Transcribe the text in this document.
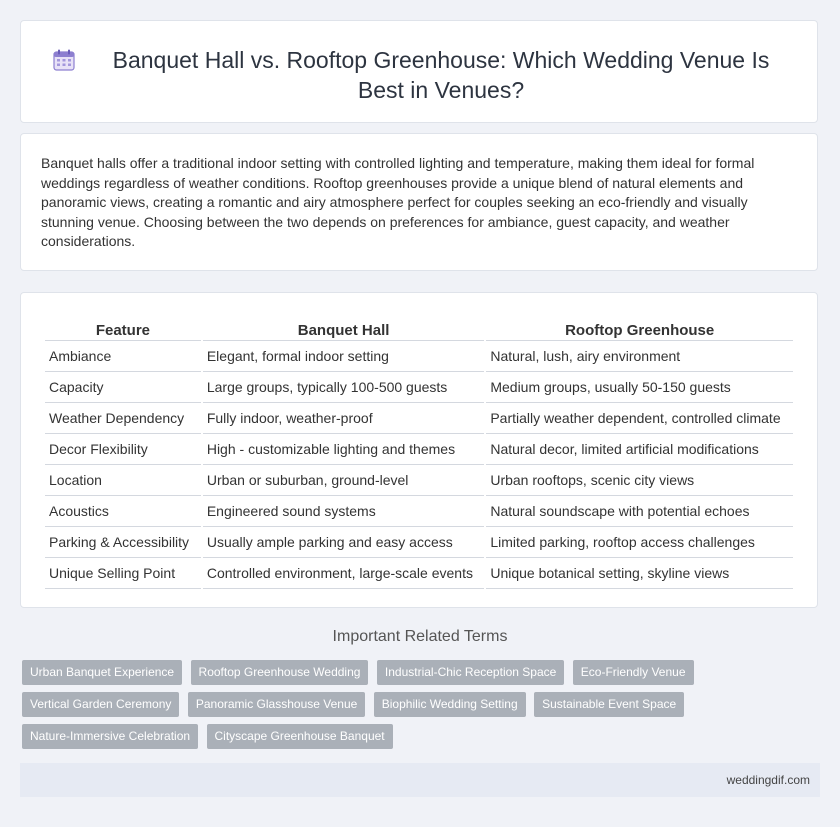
Banquet Hall vs. Rooftop Greenhouse: Which Wedding Venue Is Best in Venues?
Banquet halls offer a traditional indoor setting with controlled lighting and temperature, making them ideal for formal weddings regardless of weather conditions. Rooftop greenhouses provide a unique blend of natural elements and panoramic views, creating a romantic and airy atmosphere perfect for couples seeking an eco-friendly and visually stunning venue. Choosing between the two depends on preferences for ambiance, guest capacity, and weather considerations.
Feature	Banquet Hall	Rooftop Greenhouse
Ambiance	Elegant, formal indoor setting	Natural, lush, airy environment
Capacity	Large groups, typically 100-500 guests	Medium groups, usually 50-150 guests
Weather Dependency	Fully indoor, weather-proof	Partially weather dependent, controlled climate
Decor Flexibility	High - customizable lighting and themes	Natural decor, limited artificial modifications
Location	Urban or suburban, ground-level	Urban rooftops, scenic city views
Acoustics	Engineered sound systems	Natural soundscape with potential echoes
Parking & Accessibility	Usually ample parking and easy access	Limited parking, rooftop access challenges
Unique Selling Point	Controlled environment, large-scale events	Unique botanical setting, skyline views
Important Related Terms
Urban Banquet Experience Rooftop Greenhouse Wedding Industrial-Chic Reception Space Eco-Friendly Venue
Vertical Garden Ceremony Panoramic Glasshouse Venue Biophilic Wedding Setting Sustainable Event Space
Nature-Immersive Celebration Cityscape Greenhouse Banquet
weddingdif.com
